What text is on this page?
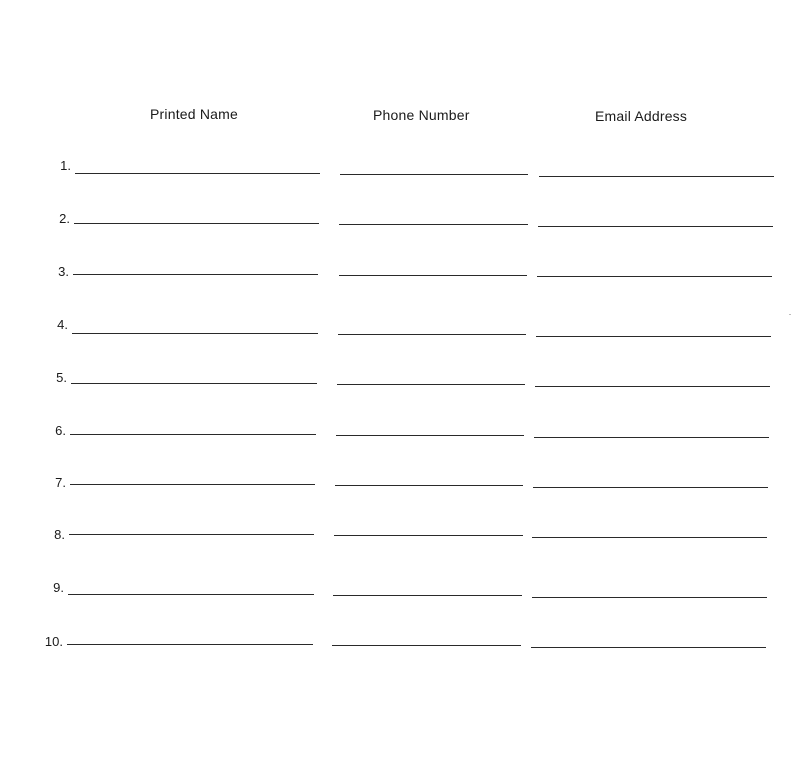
Printed Name	Phone Number	Email Address
1.
2.
3.
4.
5.
6.
7.
8.
9.
10.
